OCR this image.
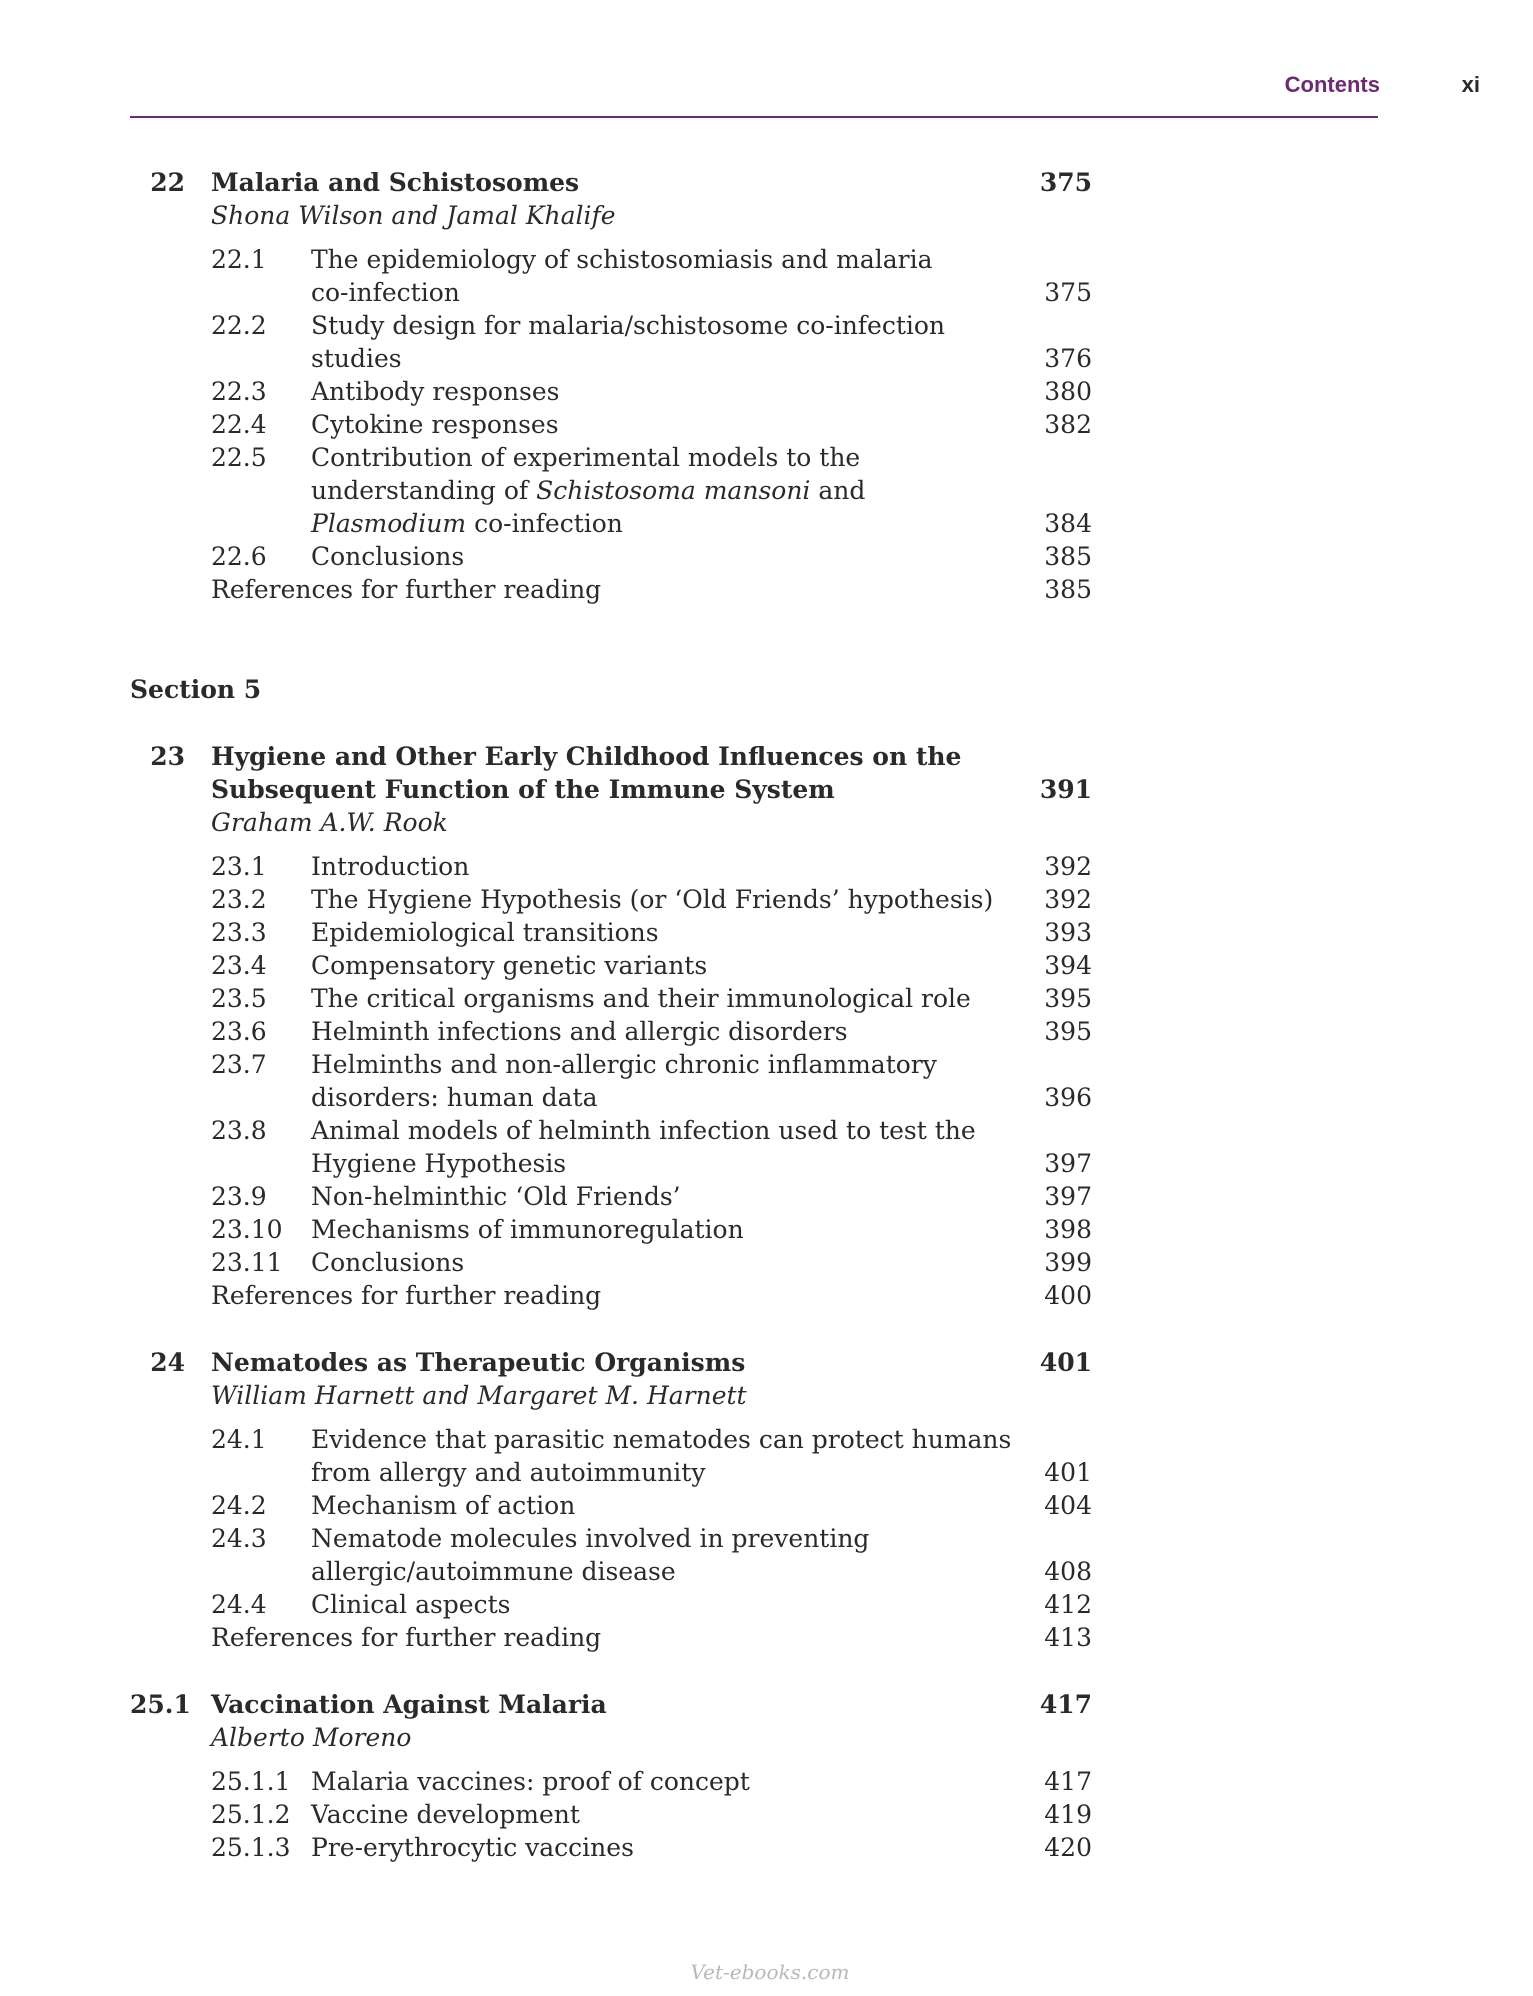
Contents	xi
22 Malaria and Schistosomes	375
Shona Wilson and Jamal Khalife
22.1 The epidemiology of schistosomiasis and malaria
co-infection	375
22.2 Study design for malaria/schistosome co-infection
studies	376
22.3 Antibody responses	380
22.4 Cytokine responses	382
22.5 Contribution of experimental models to the
understanding of Schistosoma mansoni and
Plasmodium co-infection	384
22.6 Conclusions	385
References for further reading	385
Section 5
23 Hygiene and Other Early Childhood Influences on the
Subsequent Function of the Immune System	391
Graham A.W. Rook
23.1 Introduction	392
23.2 The Hygiene Hypothesis (or ‘Old Friends’ hypothesis)	392
23.3 Epidemiological transitions	393
23.4 Compensatory genetic variants	394
23.5 The critical organisms and their immunological role	395
23.6 Helminth infections and allergic disorders	395
23.7 Helminths and non-allergic chronic inflammatory
disorders: human data	396
23.8 Animal models of helminth infection used to test the
Hygiene Hypothesis	397
23.9 Non-helminthic ‘Old Friends’	397
23.10 Mechanisms of immunoregulation	398
23.11 Conclusions	399
References for further reading	400
24 Nematodes as Therapeutic Organisms	401
William Harnett and Margaret M. Harnett
24.1 Evidence that parasitic nematodes can protect humans
from allergy and autoimmunity	401
24.2 Mechanism of action	404
24.3 Nematode molecules involved in preventing
allergic/autoimmune disease	408
24.4 Clinical aspects	412
References for further reading	413
25.1 Vaccination Against Malaria	417
Alberto Moreno
25.1.1 Malaria vaccines: proof of concept	417
25.1.2 Vaccine development	419
25.1.3 Pre-erythrocytic vaccines	420
Vet-ebooks.com
